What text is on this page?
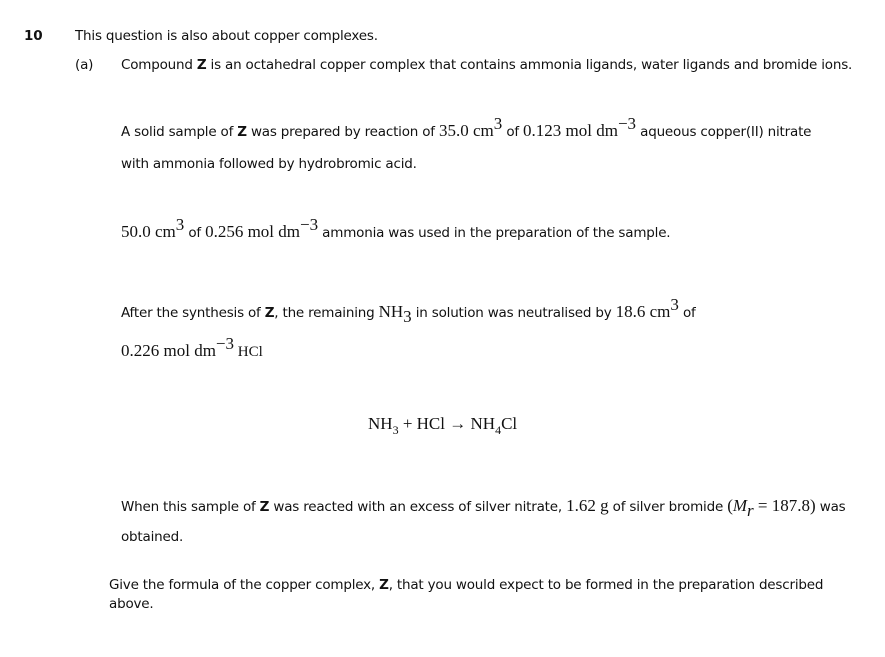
10 This question is also about copper complexes.
(a) Compound Z is an octahedral copper complex that contains ammonia ligands, water ligands and bromide ions.
A solid sample of Z was prepared by reaction of 35.0 $cm^3$ of 0.123 mol $dm^{-3}$ aqueous copper(II) nitrate
with ammonia followed by hydrobromic acid.
50.0 $cm^3$ of 0.256 mol $dm^{-3}$ ammonia was used in the preparation of the sample.
After the synthesis of Z, the remaining $NH_3$ in solution was neutralised by 18.6 $cm^3$ of
0.226 mol $dm^{-3}$ HCl
$NH_3$ + HCl → $NH_4Cl$
When this sample of Z was reacted with an excess of silver nitrate, 1.62 g of silver bromide $(M_r = 187.8)$ was
obtained.
Give the formula of the copper complex, Z, that you would expect to be formed in the preparation described
above.
